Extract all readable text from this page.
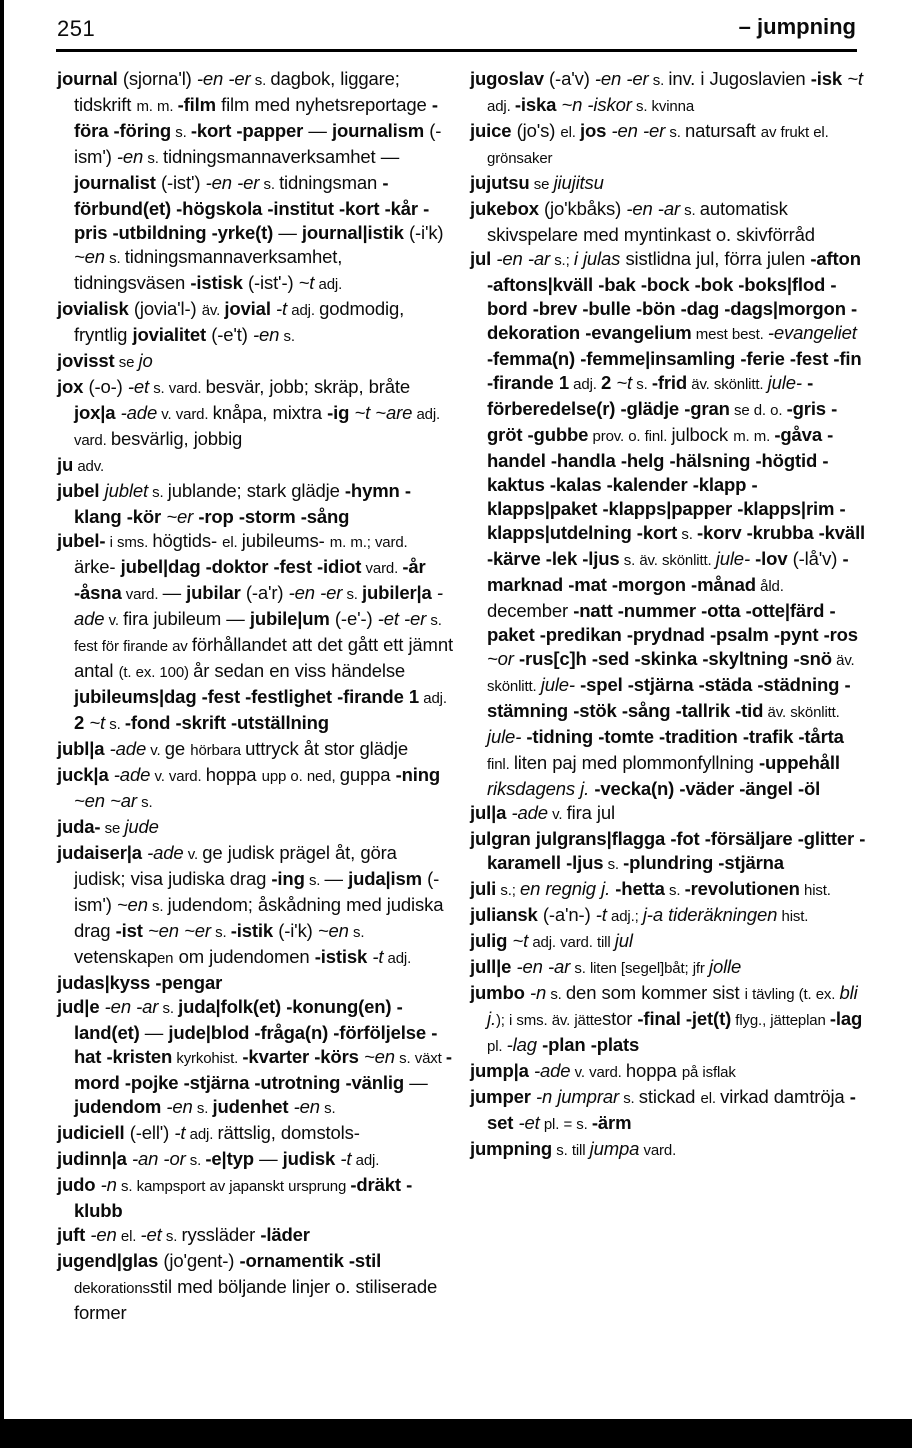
251	– jumpning

journal (sjorna'l) -en -er s. dagbok, liggare; tidskrift m. m. -film film med nyhetsreportage -föra -föring s. -kort -papper — journalism (-ism') -en s. tidningsmannaverksamhet — journalist (-ist') -en -er s. tidningsman -förbund(et) -högskola -institut -kort -kår -pris -utbildning -yrke(t) — journal|istik (-i'k) ~en s. tidningsmannaverksamhet, tidningsväsen -istisk (-ist'-) ~t adj.

jovialisk (jovia'l-) äv. jovial -t adj. godmodig, fryntlig jovialitet (-e't) -en s.

jovisst se jo

jox (-o-) -et s. vard. besvär, jobb; skräp, bråte jox|a -ade v. vard. knåpa, mixtra -ig ~t ~are adj. vard. besvärlig, jobbig

ju adv.

jubel jublet s. jublande; stark glädje -hymn -klang -kör ~er -rop -storm -sång

jubel- i sms. högtids- el. jubileums- m. m.; vard. ärke- jubel|dag -doktor -fest -idiot vard. -år -åsna vard. — jubilar (-a'r) -en -er s. jubiler|a -ade v. fira jubileum — jubile|um (-e'-) -et -er s. fest för firande av förhållandet att det gått ett jämnt antal (t. ex. 100) år sedan en viss händelse jubileums|dag -fest -festlighet -firande 1 adj. 2 ~t s. -fond -skrift -utställning

jubl|a -ade v. ge hörbara uttryck åt stor glädje

juck|a -ade v. vard. hoppa upp o. ned, guppa -ning ~en ~ar s.

juda- se jude

judaiser|a -ade v. ge judisk prägel åt, göra judisk; visa judiska drag -ing s. — juda|ism (-ism') ~en s. judendom; åskådning med judiska drag -ist ~en ~er s. -istik (-i'k) ~en s. vetenskapen om judendomen -istisk -t adj.

judas|kyss -pengar

jud|e -en -ar s. juda|folk(et) -konung(en) -land(et) — jude|blod -fråga(n) -förföljelse -hat -kristen kyrkohist. -kvarter -körs ~en s. växt -mord -pojke -stjärna -utrotning -vänlig — judendom -en s. judenhet -en s.

judiciell (-ell') -t adj. rättslig, domstols-

judinn|a -an -or s. -e|typ — judisk -t adj.

judo -n s. kampsport av japanskt ursprung -dräkt -klubb

juft -en el. -et s. ryssläder -läder

jugend|glas (jo'gent-) -ornamentik -stil dekorationsstil med böljande linjer o. stiliserade former

jugoslav (-a'v) -en -er s. inv. i Jugoslavien -isk ~t adj. -iska ~n -iskor s. kvinna

juice (jo's) el. jos -en -er s. natursaft av frukt el. grönsaker

jujutsu se jiujitsu

jukebox (jo'kbåks) -en -ar s. automatisk skivspelare med myntinkast o. skivförråd

jul -en -ar s.; i julas sistlidna jul, förra julen -afton -aftons|kväll -bak -bock -bok -boks|flod -bord -brev -bulle -bön -dag -dags|morgon -dekoration -evangelium mest best. -evangeliet -femma(n) -femme|insamling -ferie -fest -fin -firande 1 adj. 2 ~t s. -frid äv. skönlitt. jule- -förberedelse(r) -glädje -gran se d. o. -gris -gröt -gubbe prov. o. finl. julbock m. m. -gåva -handel -handla -helg -hälsning -högtid -kaktus -kalas -kalender -klapp -klapps|paket -klapps|papper -klapps|rim -klapps|utdelning -kort s. -korv -krubba -kväll -kärve -lek -ljus s. äv. skönlitt. jule- -lov (-lå'v) -marknad -mat -morgon -månad åld. december -natt -nummer -otta -otte|färd -paket -predikan -prydnad -psalm -pynt -ros ~or -rus[c]h -sed -skinka -skyltning -snö äv. skönlitt. jule- -spel -stjärna -städa -städning -stämning -stök -sång -tallrik -tid äv. skönlitt. jule- -tidning -tomte -tradition -trafik -tårta finl. liten paj med plommonfyllning -uppehåll riksdagens j. -vecka(n) -väder -ängel -öl

jul|a -ade v. fira jul

julgran julgrans|flagga -fot -försäljare -glitter -karamell -ljus s. -plundring -stjärna

juli s.; en regnig j. -hetta s. -revolutionen hist.

juliansk (-a'n-) -t adj.; j-a tideräkningen hist.

julig ~t adj. vard. till jul

jull|e -en -ar s. liten [segel]båt; jfr jolle

jumbo -n s. den som kommer sist i tävling (t. ex. bli j.); i sms. äv. jättestor -final -jet(t) flyg., jätteplan -lag pl. -lag -plan -plats

jump|a -ade v. vard. hoppa på isflak

jumper -n jumprar s. stickad el. virkad damtröja -set -et pl. = s. -ärm

jumpning s. till jumpa vard.
